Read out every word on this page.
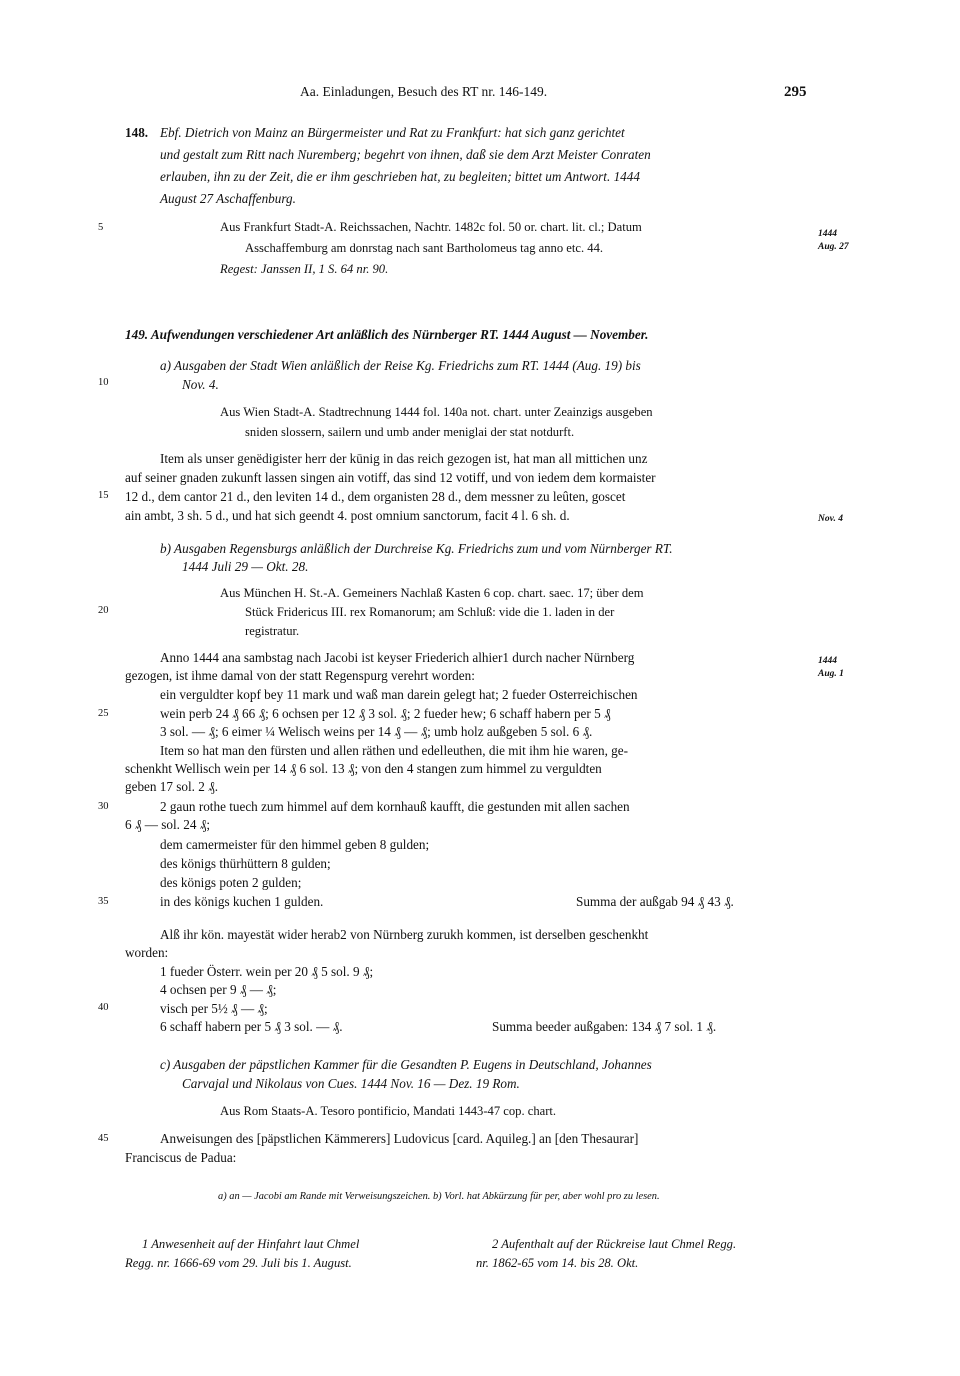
Aa. Einladungen, Besuch des RT nr. 146-149.	295
148. Ebf. Dietrich von Mainz an Bürgermeister und Rat zu Frankfurt: hat sich ganz gerichtet
und gestalt zum Ritt nach Nuremberg; begehrt von ihnen, daß sie dem Arzt Meister Conraten
erlauben, ihn zu der Zeit, die er ihm geschrieben hat, zu begleiten; bittet um Antwort. 1444
August 27 Aschaffenburg.
5	Aus Frankfurt Stadt-A. Reichssachen, Nachtr. 1482c fol. 50 or. chart. lit. cl.; Datum
Asschaffemburg am donrstag nach sant Bartholomeus tag anno etc. 44.
Regest: Janssen II, 1 S. 64 nr. 90.
1444
Aug. 27
149. Aufwendungen verschiedener Art anläßlich des Nürnberger RT. 1444 August — November.
a) Ausgaben der Stadt Wien anläßlich der Reise Kg. Friedrichs zum RT. 1444 (Aug. 19) bis
10	Nov. 4.
Aus Wien Stadt-A. Stadtrechnung 1444 fol. 140a not. chart. unter Zeainzigs ausgeben
sniden slossern, sailern und umb ander meniglai der stat notdurft.
Item als unser genëdigister herr der kūnig in das reich gezogen ist, hat man all mittichen unz
auf seiner gnaden zukunft lassen singen ain votiff, das sind 12 votiff, und von iedem dem kormaister
15	12 d., dem cantor 21 d., den leviten 14 d., dem organisten 28 d., dem messner zu leûten, goscet
ain ambt, 3 sh. 5 d., und hat sich geendt 4. post omnium sanctorum, facit 4 l. 6 sh. d.	Nov. 4
b) Ausgaben Regensburgs anläßlich der Durchreise Kg. Friedrichs zum und vom Nürnberger RT.
1444 Juli 29 — Okt. 28.
Aus München H. St.-A. Gemeiners Nachlaß Kasten 6 cop. chart. saec. 17; über dem
20	Stück Fridericus III. rex Romanorum; am Schluß: vide die 1. laden in der
registratur.
Anno 1444 ana sambstag nach Jacobi ist keyser Friederich alhier1 durch nacher Nürnberg
gezogen, ist ihme damal von der statt Regenspurg verehrt worden:
1444
Aug. 1
ein verguldter kopf bey 11 mark und waß man darein gelegt hat; 2 fueder Osterreichischen
25	wein perb 24 ₰ 66 ₰; 6 ochsen per 12 ₰ 3 sol. ₰; 2 fueder hew; 6 schaff habern per 5 ₰
3 sol. — ₰; 6 eimer ¼ Welisch weins per 14 ₰ — ₰; umb holz außgeben 5 sol. 6 ₰.
Item so hat man den fürsten und allen räthen und edelleuthen, die mit ihm hie waren, ge-
schenkht Wellisch wein per 14 ₰ 6 sol. 13 ₰; von den 4 stangen zum himmel zu verguldten
geben 17 sol. 2 ₰.
30	2 gaun rothe tuech zum himmel auf dem kornhauß kaufft, die gestunden mit allen sachen
6 ₰ — sol. 24 ₰;
dem camermeister für den himmel geben 8 gulden;
des königs thürhüttern 8 gulden;
des königs poten 2 gulden;
35	in des königs kuchen 1 gulden.	Summa der außgab 94 ₰ 43 ₰.
Alß ihr kön. mayestät wider herab2 von Nürnberg zurukh kommen, ist derselben geschenkht
worden:
1 fueder Österr. wein per 20 ₰ 5 sol. 9 ₰;
4 ochsen per 9 ₰ — ₰;
40	visch per 5½ ₰ — ₰;
6 schaff habern per 5 ₰ 3 sol. — ₰.	Summa beeder außgaben: 134 ₰ 7 sol. 1 ₰.
c) Ausgaben der päpstlichen Kammer für die Gesandten P. Eugens in Deutschland, Johannes
Carvajal und Nikolaus von Cues. 1444 Nov. 16 — Dez. 19 Rom.
Aus Rom Staats-A. Tesoro pontificio, Mandati 1443-47 cop. chart.
45	Anweisungen des [päpstlichen Kämmerers] Ludovicus [card. Aquileg.] an [den Thesaurar]
Franciscus de Padua:
a) an — Jacobi am Rande mit Verweisungszeichen. b) Vorl. hat Abkürzung für per, aber wohl pro zu lesen.
1 Anwesenheit auf der Hinfahrt laut Chmel
Regg. nr. 1666-69 vom 29. Juli bis 1. August.
2 Aufenthalt auf der Rückreise laut Chmel Regg.
nr. 1862-65 vom 14. bis 28. Okt.
